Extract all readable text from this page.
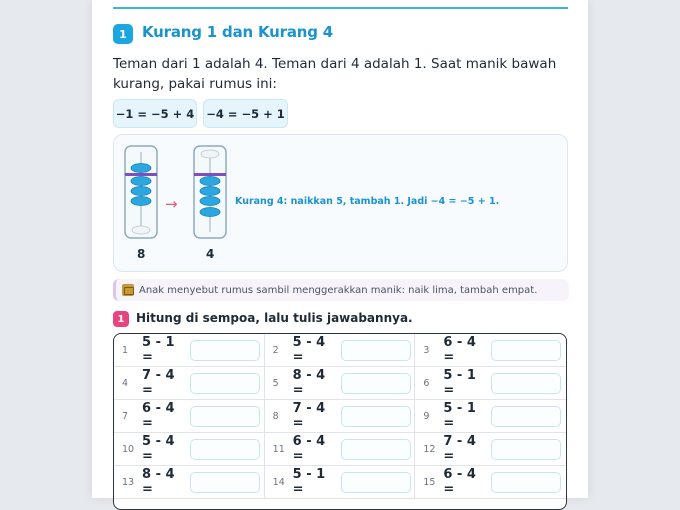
1	Kurang 1 dan Kurang 4
Teman dari 1 adalah 4. Teman dari 4 adalah 1. Saat manik bawah kurang, pakai rumus ini:
−1 = −5 + 4 −4 = −5 + 1
→
8	4
Kurang 4: naikkan 5, tambah 1. Jadi −4 = −5 + 1.
Anak menyebut rumus sambil menggerakkan manik: naik lima, tambah empat.
1 Hitung di sempoa, lalu tulis jawabannya.
1	5 - 1 =	2	5 - 4 =	3	6 - 4 =
4	7 - 4 =	5	8 - 4 =	6	5 - 1 =
7	6 - 4 =	8	7 - 4 =	9	5 - 1 =
10 5 - 4 =	11 6 - 4 =	12 7 - 4 =
13 8 - 4 =	14 5 - 1 =	15 6 - 4 =
